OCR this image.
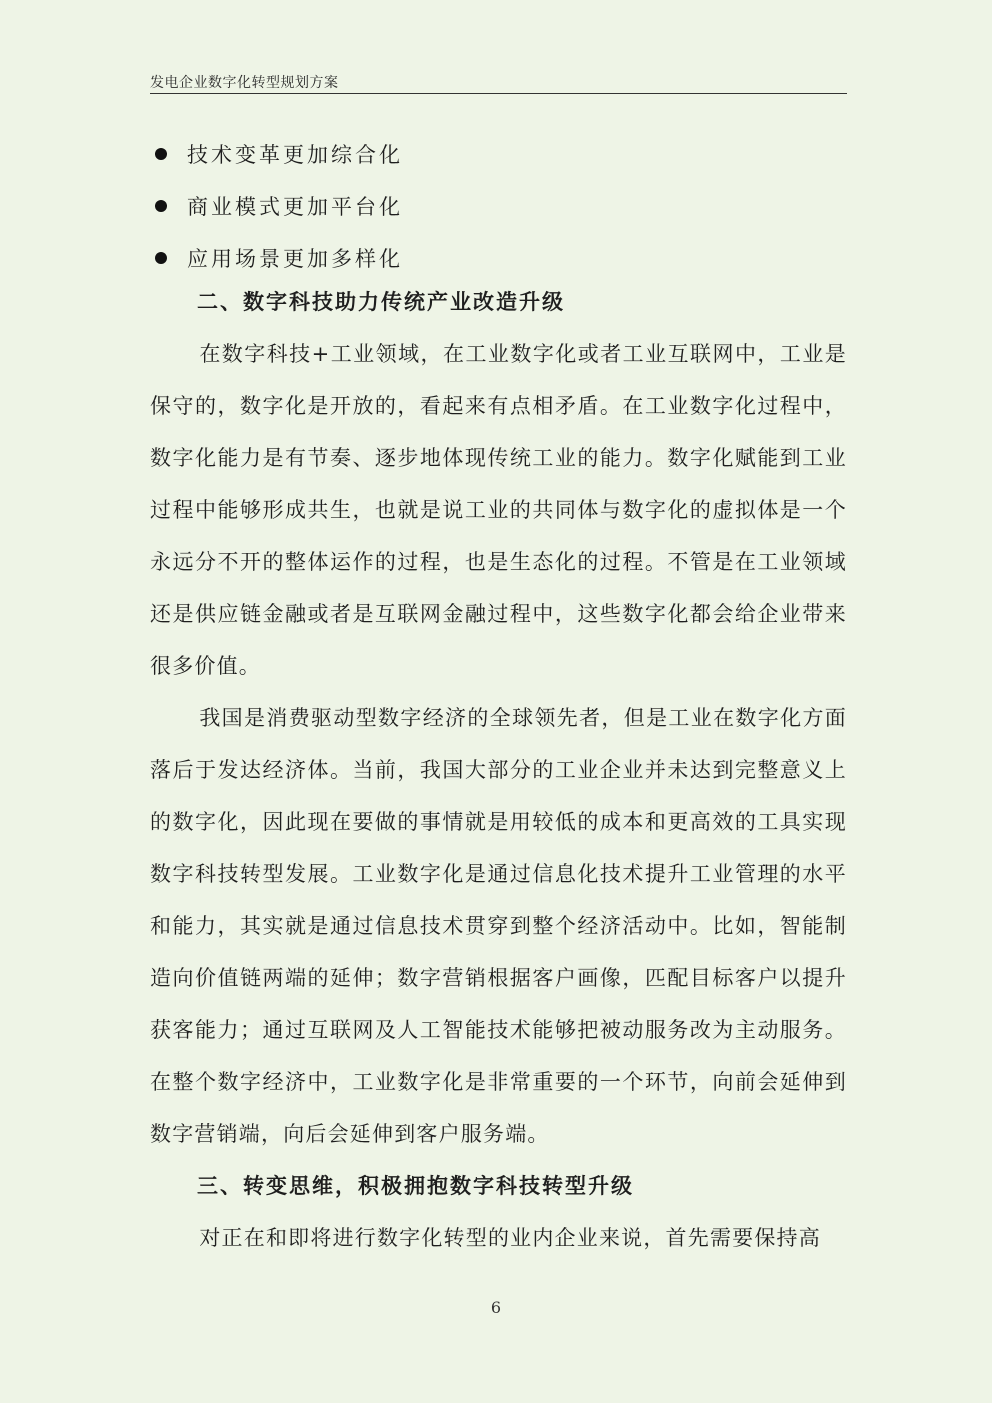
发电企业数字化转型规划方案
技术变革更加综合化
商业模式更加平台化
应用场景更加多样化
二、数字科技助力传统产业改造升级

在数字科技+工业领域，在工业数字化或者工业互联网中，工业是保守的，数字化是开放的，看起来有点相矛盾。在工业数字化过程中，数字化能力是有节奏、逐步地体现传统工业的能力。数字化赋能到工业过程中能够形成共生，也就是说工业的共同体与数字化的虚拟体是一个永远分不开的整体运作的过程，也是生态化的过程。不管是在工业领域还是供应链金融或者是互联网金融过程中，这些数字化都会给企业带来很多价值。

我国是消费驱动型数字经济的全球领先者，但是工业在数字化方面落后于发达经济体。当前，我国大部分的工业企业并未达到完整意义上的数字化，因此现在要做的事情就是用较低的成本和更高效的工具实现数字科技转型发展。工业数字化是通过信息化技术提升工业管理的水平和能力，其实就是通过信息技术贯穿到整个经济活动中。比如，智能制造向价值链两端的延伸；数字营销根据客户画像，匹配目标客户以提升获客能力；通过互联网及人工智能技术能够把被动服务改为主动服务。在整个数字经济中，工业数字化是非常重要的一个环节，向前会延伸到数字营销端，向后会延伸到客户服务端。

三、转变思维，积极拥抱数字科技转型升级

对正在和即将进行数字化转型的业内企业来说，首先需要保持高

6
